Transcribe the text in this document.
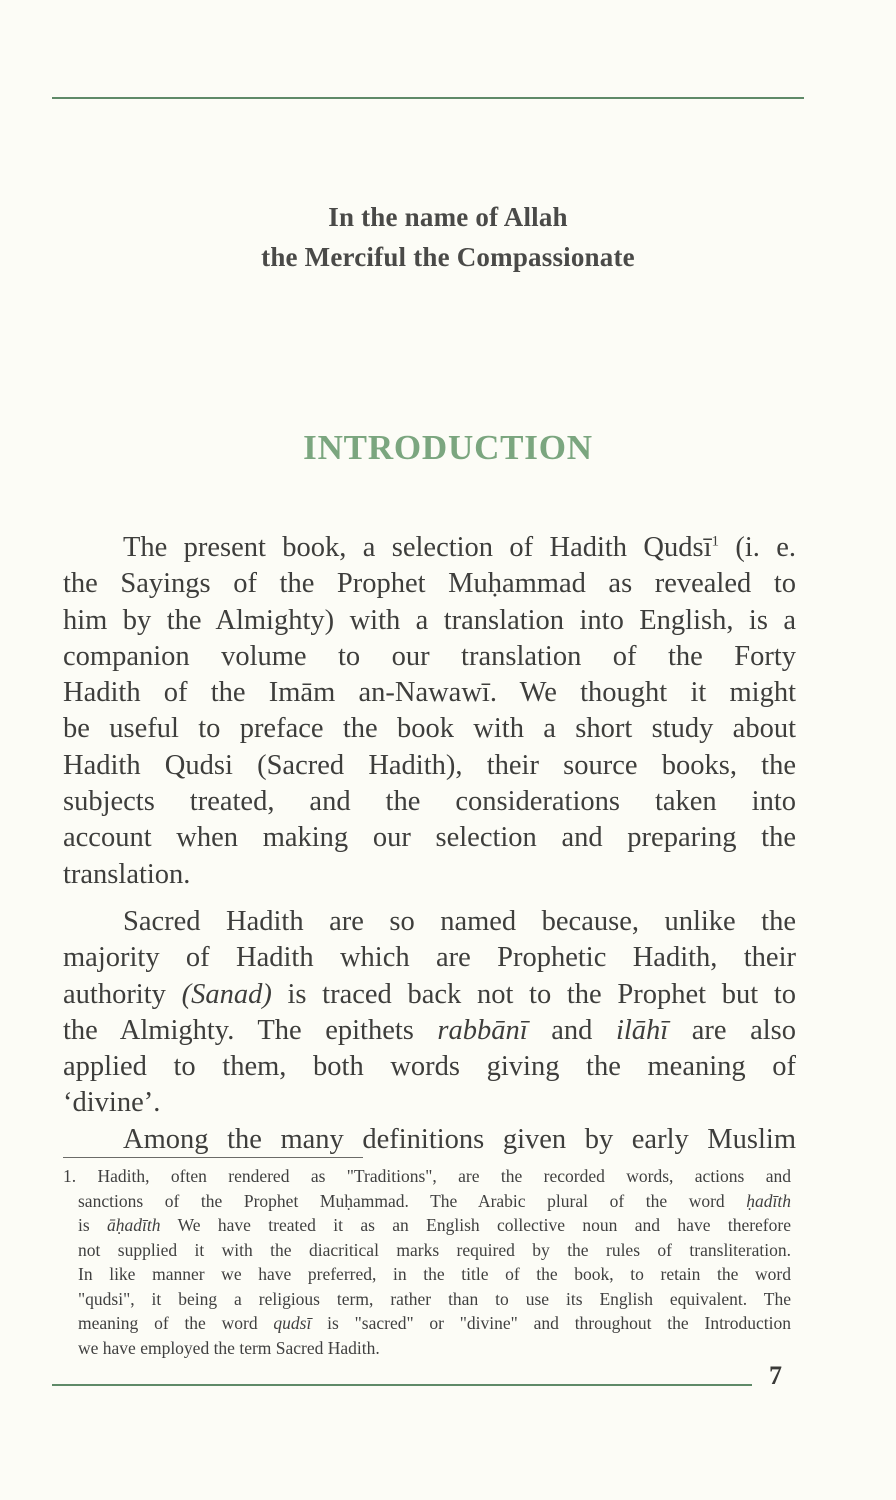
In the name of Allah
the Merciful the Compassionate
INTRODUCTION
The present book, a selection of Hadith Qudsī$^1$ (i. e.
the Sayings of the Prophet Muḥammad as revealed to
him by the Almighty) with a translation into English, is a
companion volume to our translation of the Forty
Hadith of the Imām an-Nawawī. We thought it might
be useful to preface the book with a short study about
Hadith Qudsi (Sacred Hadith), their source books, the
subjects treated, and the considerations taken into
account when making our selection and preparing the
translation.
Sacred Hadith are so named because, unlike the
majority of Hadith which are Prophetic Hadith, their
authority (Sanad) is traced back not to the Prophet but to
the Almighty. The epithets rabbānī and ilāhī are also
applied to them, both words giving the meaning of
‘divine’.
Among the many definitions given by early Muslim
1. Hadith, often rendered as "Traditions", are the recorded words, actions and
sanctions of the Prophet Muḥammad. The Arabic plural of the word ḥadīth
is āḥadīth We have treated it as an English collective noun and have therefore
not supplied it with the diacritical marks required by the rules of transliteration.
In like manner we have preferred, in the title of the book, to retain the word
"qudsi", it being a religious term, rather than to use its English equivalent. The
meaning of the word qudsī is "sacred" or "divine" and throughout the Introduction
we have employed the term Sacred Hadith.
7
